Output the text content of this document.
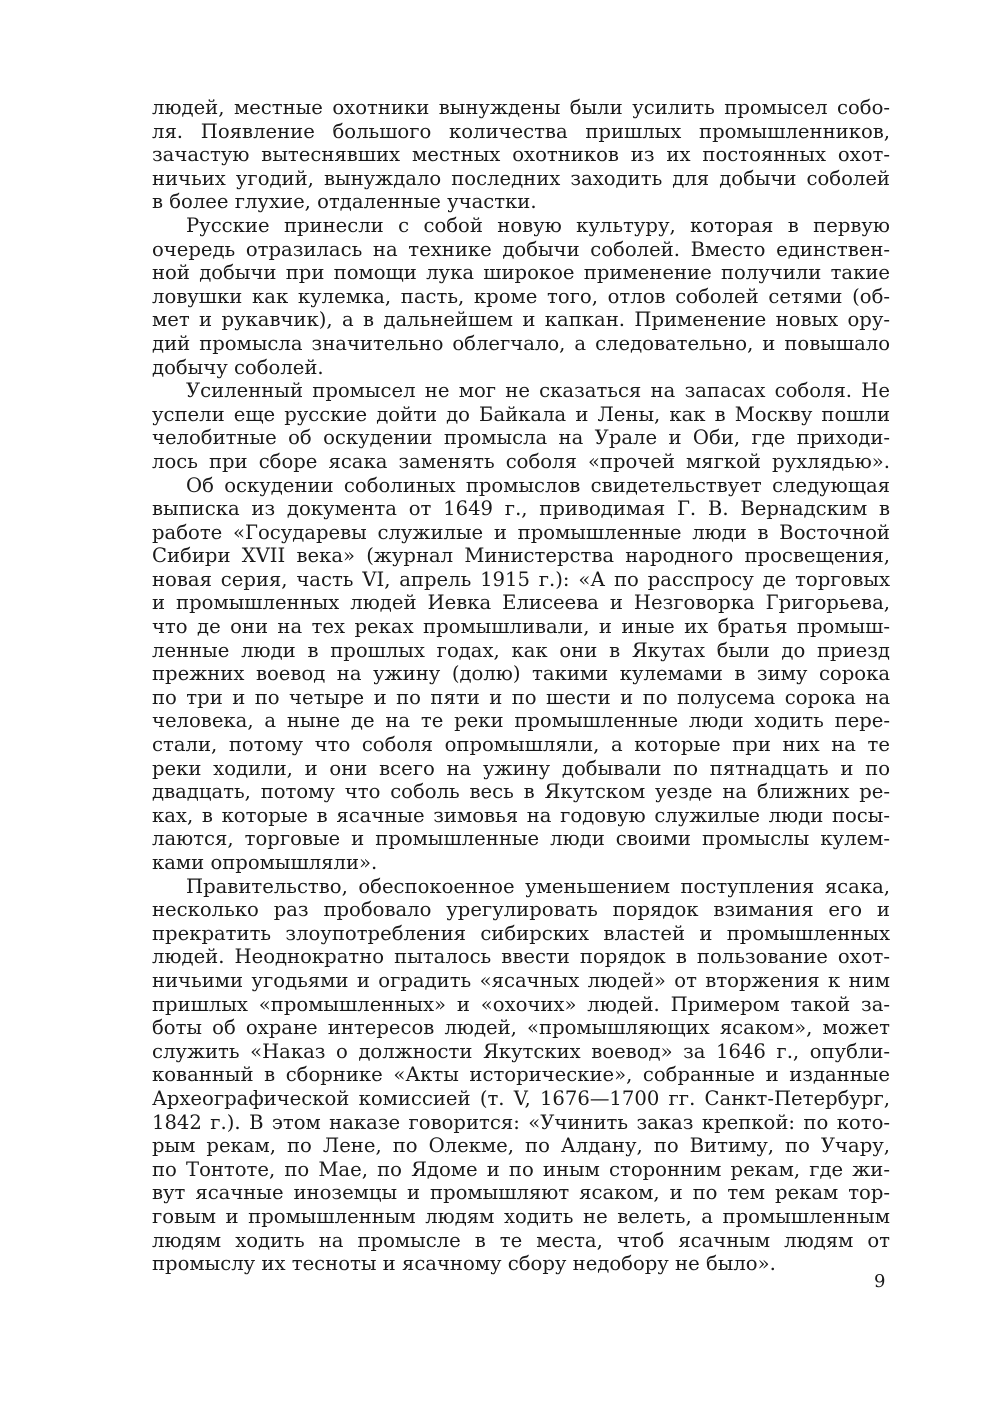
людей, местные охотники вынуждены были усилить промысел собо-
ля. Появление большого количества пришлых промышленников,
зачастую вытеснявших местных охотников из их постоянных охот-
ничьих угодий, вынуждало последних заходить для добычи соболей
в более глухие, отдаленные участки.
Русские принесли с собой новую культуру, которая в первую
очередь отразилась на технике добычи соболей. Вместо единствен-
ной добычи при помощи лука широкое применение получили такие
ловушки как кулемка, пасть, кроме того, отлов соболей сетями (об-
мет и рукавчик), а в дальнейшем и капкан. Применение новых ору-
дий промысла значительно облегчало, а следовательно, и повышало
добычу соболей.
Усиленный промысел не мог не сказаться на запасах соболя. Не
успели еще русские дойти до Байкала и Лены, как в Москву пошли
челобитные об оскудении промысла на Урале и Оби, где приходи-
лось при сборе ясака заменять соболя «прочей мягкой рухлядью».
Об оскудении соболиных промыслов свидетельствует следующая
выписка из документа от 1649 г., приводимая Г. В. Вернадским в
работе «Государевы служилые и промышленные люди в Восточной
Сибири XVII века» (журнал Министерства народного просвещения,
новая серия, часть VI, апрель 1915 г.): «А по расспросу де торговых
и промышленных людей Иевка Елисеева и Незговорка Григорьева,
что де они на тех реках промышливали, и иные их братья промыш-
ленные люди в прошлых годах, как они в Якутах были до приезд
прежних воевод на ужину (долю) такими кулемами в зиму сорока
по три и по четыре и по пяти и по шести и по полусема сорока на
человека, а нынe де на те реки промышленные люди ходить пере-
стали, потому что соболя опромышляли, а которые при них на те
реки ходили, и они всего на ужину добывали по пятнадцать и по
двадцать, потому что соболь весь в Якутском уезде на ближних ре-
ках, в которые в ясачные зимовья на годовую служилые люди посы-
лаются, торговые и промышленные люди своими промыслы кулем-
ками опромышляли».
Правительство, обеспокоенное уменьшением поступления ясака,
несколько раз пробовало урегулировать порядок взимания его и
прекратить злоупотребления сибирских властей и промышленных
людей. Неоднократно пыталось ввести порядок в пользование охот-
ничьими угодьями и оградить «ясачных людей» от вторжения к ним
пришлых «промышленных» и «охочих» людей. Примером такой за-
боты об охране интересов людей, «промышляющих ясаком», может
служить «Наказ о должности Якутских воевод» за 1646 г., опубли-
кованный в сборнике «Акты исторические», собранные и изданные
Археографической комиссией (т. V, 1676—1700 гг. Санкт-Петербург,
1842 г.). В этом наказе говорится: «Учинить заказ крепкой: по кото-
рым рекам, по Лене, по Олекме, по Алдану, по Витиму, по Учару,
по Тонтоте, по Мае, по Ядоме и по иным сторонним рекам, где жи-
вут ясачные иноземцы и промышляют ясаком, и по тем рекам тор-
говым и промышленным людям ходить не велеть, а промышленным
людям ходить на промысле в те места, чтоб ясачным людям от
промыслу их тесноты и ясачному сбору недобору не было».
9
